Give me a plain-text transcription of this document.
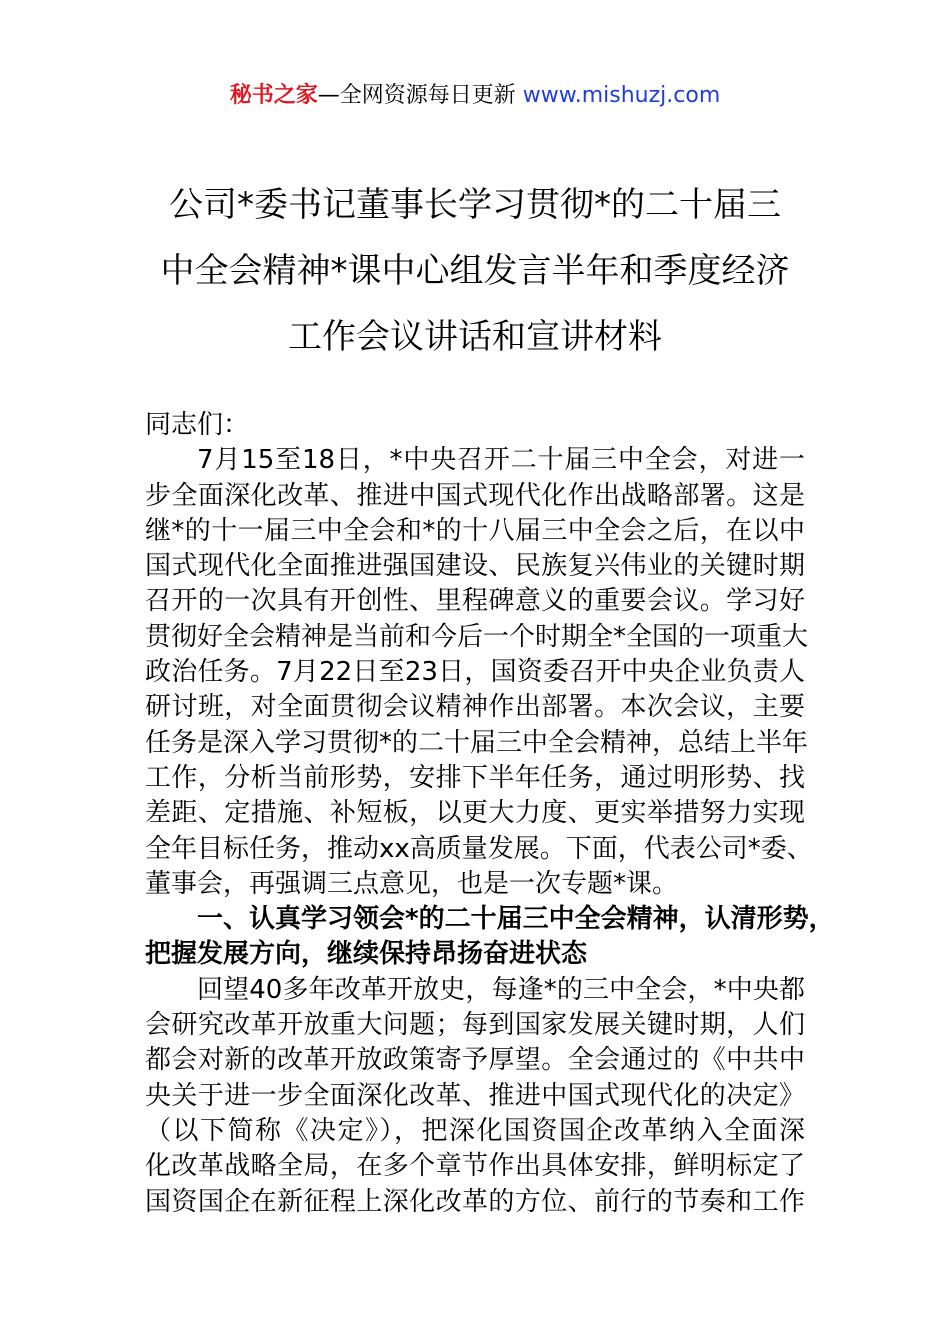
秘书之家—全网资源每日更新 www.mishuzj.com
公司*委书记董事长学习贯彻*的二十届三
中全会精神*课中心组发言半年和季度经济
工作会议讲话和宣讲材料
同志们：
7月15至18日，*中央召开二十届三中全会，对进一
步全面深化改革、推进中国式现代化作出战略部署。这是
继*的十一届三中全会和*的十八届三中全会之后，在以中
国式现代化全面推进强国建设、民族复兴伟业的关键时期
召开的一次具有开创性、里程碑意义的重要会议。学习好
贯彻好全会精神是当前和今后一个时期全*全国的一项重大
政治任务。7月22日至23日，国资委召开中央企业负责人
研讨班，对全面贯彻会议精神作出部署。本次会议，主要
任务是深入学习贯彻*的二十届三中全会精神，总结上半年
工作，分析当前形势，安排下半年任务，通过明形势、找
差距、定措施、补短板，以更大力度、更实举措努力实现
全年目标任务，推动xx高质量发展。下面，代表公司*委、
董事会，再强调三点意见，也是一次专题*课。
一、认真学习领会*的二十届三中全会精神，认清形势，
把握发展方向，继续保持昂扬奋进状态
回望40多年改革开放史，每逢*的三中全会，*中央都
会研究改革开放重大问题；每到国家发展关键时期，人们
都会对新的改革开放政策寄予厚望。全会通过的《中共中
央关于进一步全面深化改革、推进中国式现代化的决定》
（以下简称《决定》），把深化国资国企改革纳入全面深
化改革战略全局，在多个章节作出具体安排，鲜明标定了
国资国企在新征程上深化改革的方位、前行的节奏和工作
